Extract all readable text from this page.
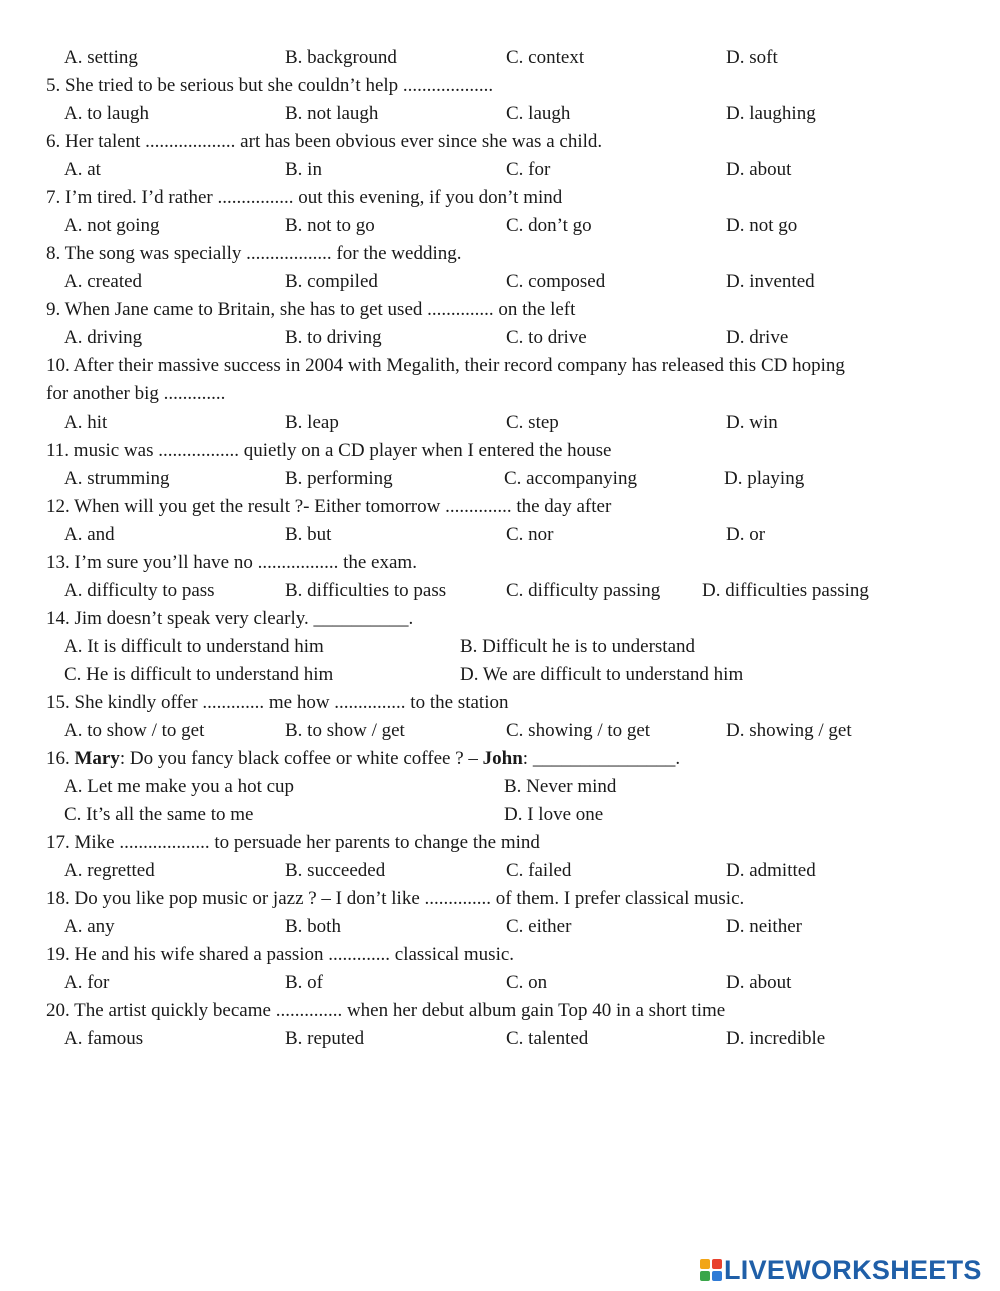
A. setting	B. background	C. context	D. soft
5. She tried to be serious but she couldn’t help ...................
A. to laugh	B. not laugh	C. laugh	D. laughing
6. Her talent ................... art has been obvious ever since she was a child.
A. at	B. in	C. for	D. about
7. I’m tired. I’d rather ................ out this evening, if you don’t mind
A. not going	B. not to go	C. don’t go	D. not go
8. The song was specially .................. for the wedding.
A. created	B. compiled	C. composed	D. invented
9. When Jane came to Britain, she has to get used .............. on the left
A. driving	B. to driving	C. to drive	D. drive
10. After their massive success in 2004 with Megalith, their record company has released this CD hoping
for another big .............
A. hit	B. leap	C. step	D. win
11. music was ................. quietly on a CD player when I entered the house
A. strumming	B. performing	C. accompanying	D. playing
12. When will you get the result ?- Either tomorrow .............. the day after
A. and	B. but	C. nor	D. or
13. I’m sure you’ll have no ................. the exam.
A. difficulty to pass	B. difficulties to pass	C. difficulty passing D. difficulties passing
14. Jim doesn’t speak very clearly. __________.
A. It is difficult to understand him	B. Difficult he is to understand
C. He is difficult to understand him	D. We are difficult to understand him
15. She kindly offer ............. me how ............... to the station
A. to show / to get	B. to show / get	C. showing / to get	D. showing / get
16. Mary: Do you fancy black coffee or white coffee ? – John: _______________.
A. Let me make you a hot cup	B. Never mind
C. It’s all the same to me	D. I love one
17. Mike ................... to persuade her parents to change the mind
A. regretted	B. succeeded	C. failed	D. admitted
18. Do you like pop music or jazz ? – I don’t like .............. of them. I prefer classical music.
A. any	B. both	C. either	D. neither
19. He and his wife shared a passion ............. classical music.
A. for	B. of	C. on	D. about
20. The artist quickly became .............. when her debut album gain Top 40 in a short time
A. famous	B. reputed	C. talented	D. incredible
LIVEWORKSHEETS
